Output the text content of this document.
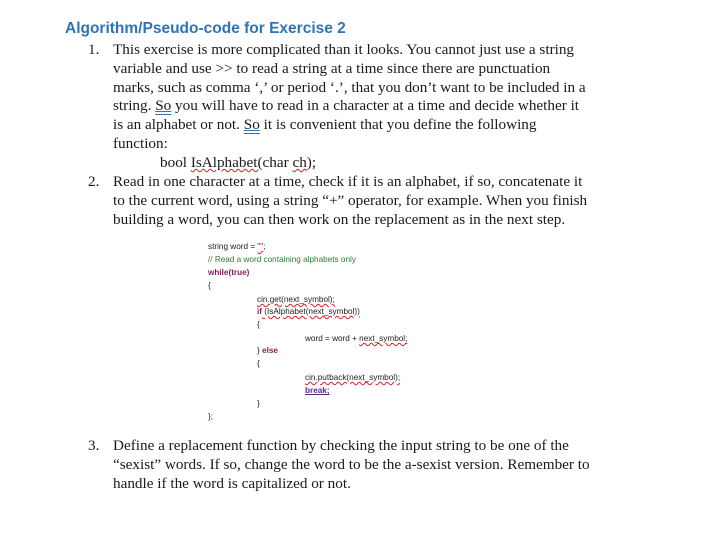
Algorithm/Pseudo-code for Exercise 2
1. This exercise is more complicated than it looks. You cannot just use a string
variable and use >> to read a string at a time since there are punctuation
marks, such as comma ‘,’ or period ‘.’, that you don’t want to be included in a
string. So you will have to read in a character at a time and decide whether it
is an alphabet or not. So it is convenient that you define the following
function:
bool IsAlphabet(char ch);
2. Read in one character at a time, check if it is an alphabet, if so, concatenate it
to the current word, using a string “+” operator, for example. When you finish
building a word, you can then work on the replacement as in the next step.
string word = "";
// Read a word containing alphabets only
while(true)
{
cin.get(next_symbol);
if (IsAlphabet(next_symbol))
{
word = word + next_symbol;
} else
{
cin.putback(next_symbol);
break;
}
};
3. Define a replacement function by checking the input string to be one of the
“sexist” words. If so, change the word to be the a-sexist version. Remember to
handle if the word is capitalized or not.
